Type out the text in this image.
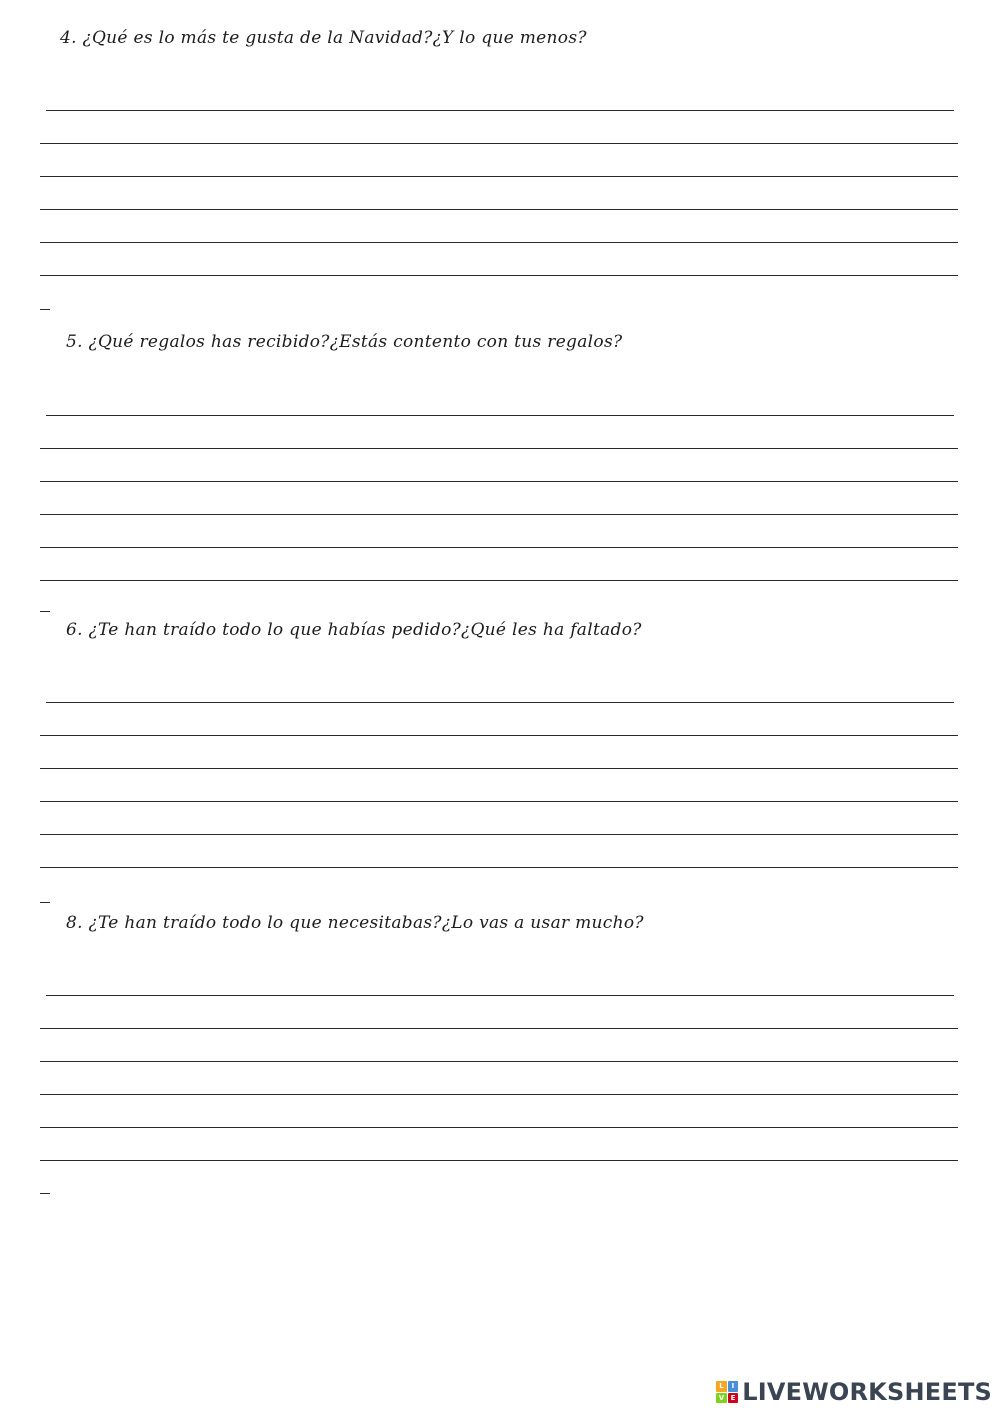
4. ¿Qué es lo más te gusta de la Navidad?¿Y lo que menos?
5. ¿Qué regalos has recibido?¿Estás contento con tus regalos?
6. ¿Te han traído todo lo que habías pedido?¿Qué les ha faltado?
8. ¿Te han traído todo lo que necesitabas?¿Lo vas a usar mucho?
L	I
V E LIVEWORKSHEETS
